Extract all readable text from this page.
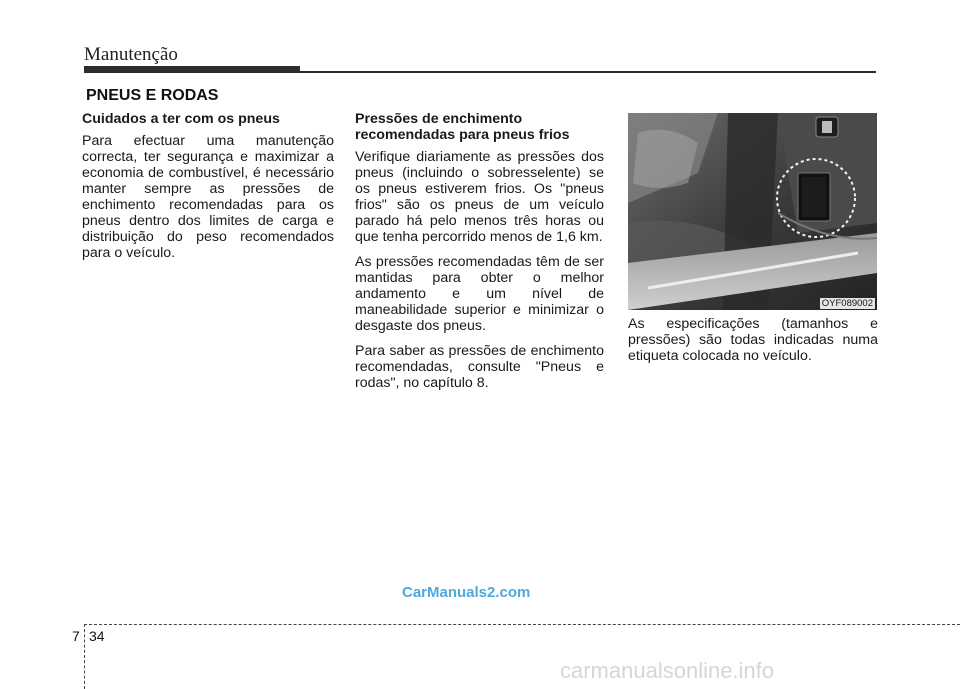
Manutenção
PNEUS E RODAS
Cuidados a ter com os pneus

Para efectuar uma manutenção correcta, ter segurança e maximizar a economia de combustível, é necessário manter sempre as pressões de enchimento recomendadas para os pneus dentro dos limites de carga e distribuição do peso recomendados para o veículo.

Pressões de enchimento recomendadas para pneus frios

Verifique diariamente as pressões dos pneus (incluindo o sobresselente) se os pneus estiverem frios. Os "pneus frios" são os pneus de um veículo parado há pelo menos três horas ou que tenha percorrido menos de 1,6 km.

As pressões recomendadas têm de ser mantidas para obter o melhor andamento e um nível de maneabilidade superior e minimizar o desgaste dos pneus.

Para saber as pressões de enchimento recomendadas, consulte "Pneus e rodas", no capítulo 8.

OYF089002

As especificações (tamanhos e pressões) são todas indicadas numa etiqueta colocada no veículo.

CarManuals2.com
7 34
carmanualsonline.info
